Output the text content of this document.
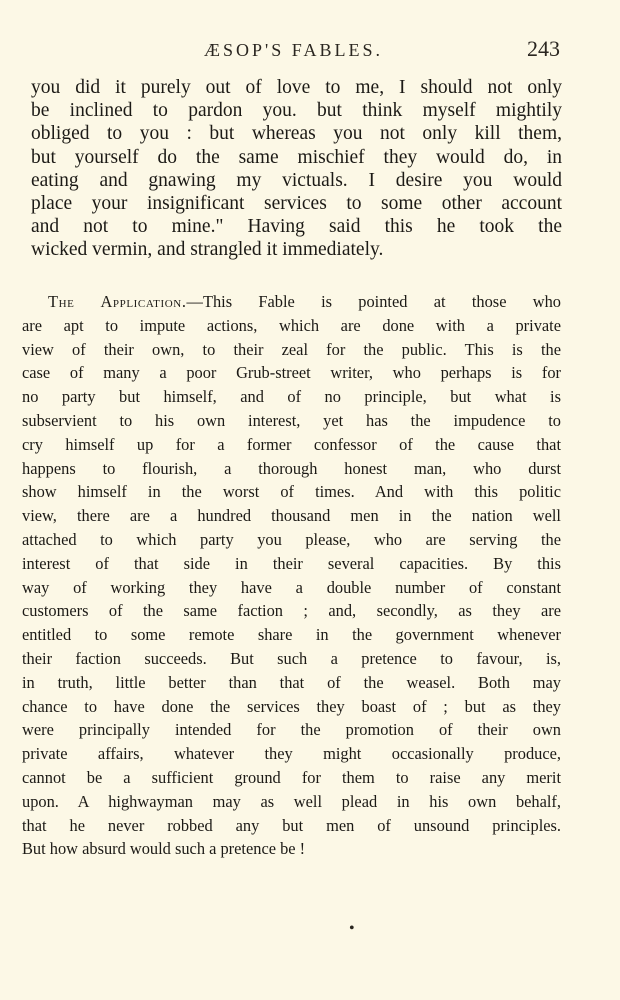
ÆSOP'S FABLES.	243

you did it purely out of love to me, I should not only
be inclined to pardon you. but think myself mightily
obliged to you : but whereas you not only kill them,
but yourself do the same mischief they would do, in
eating and gnawing my victuals. I desire you would
place your insignificant services to some other account
and not to mine." Having said this he took the
wicked vermin, and strangled it immediately.

The Application.—This Fable is pointed at those who
are apt to impute actions, which are done with a private
view of their own, to their zeal for the public. This is the
case of many a poor Grub-street writer, who perhaps is for
no party but himself, and of no principle, but what is
subservient to his own interest, yet has the impudence to
cry himself up for a former confessor of the cause that
happens to flourish, a thorough honest man, who durst
show himself in the worst of times. And with this politic
view, there are a hundred thousand men in the nation well
attached to which party you please, who are serving the
interest of that side in their several capacities. By this
way of working they have a double number of constant
customers of the same faction ; and, secondly, as they are
entitled to some remote share in the government whenever
their faction succeeds. But such a pretence to favour, is,
in truth, little better than that of the weasel. Both may
chance to have done the services they boast of ; but as they
were principally intended for the promotion of their own
private affairs, whatever they might occasionally produce,
cannot be a sufficient ground for them to raise any merit
upon. A highwayman may as well plead in his own behalf,
that he never robbed any but men of unsound principles.
But how absurd would such a pretence be !

•
